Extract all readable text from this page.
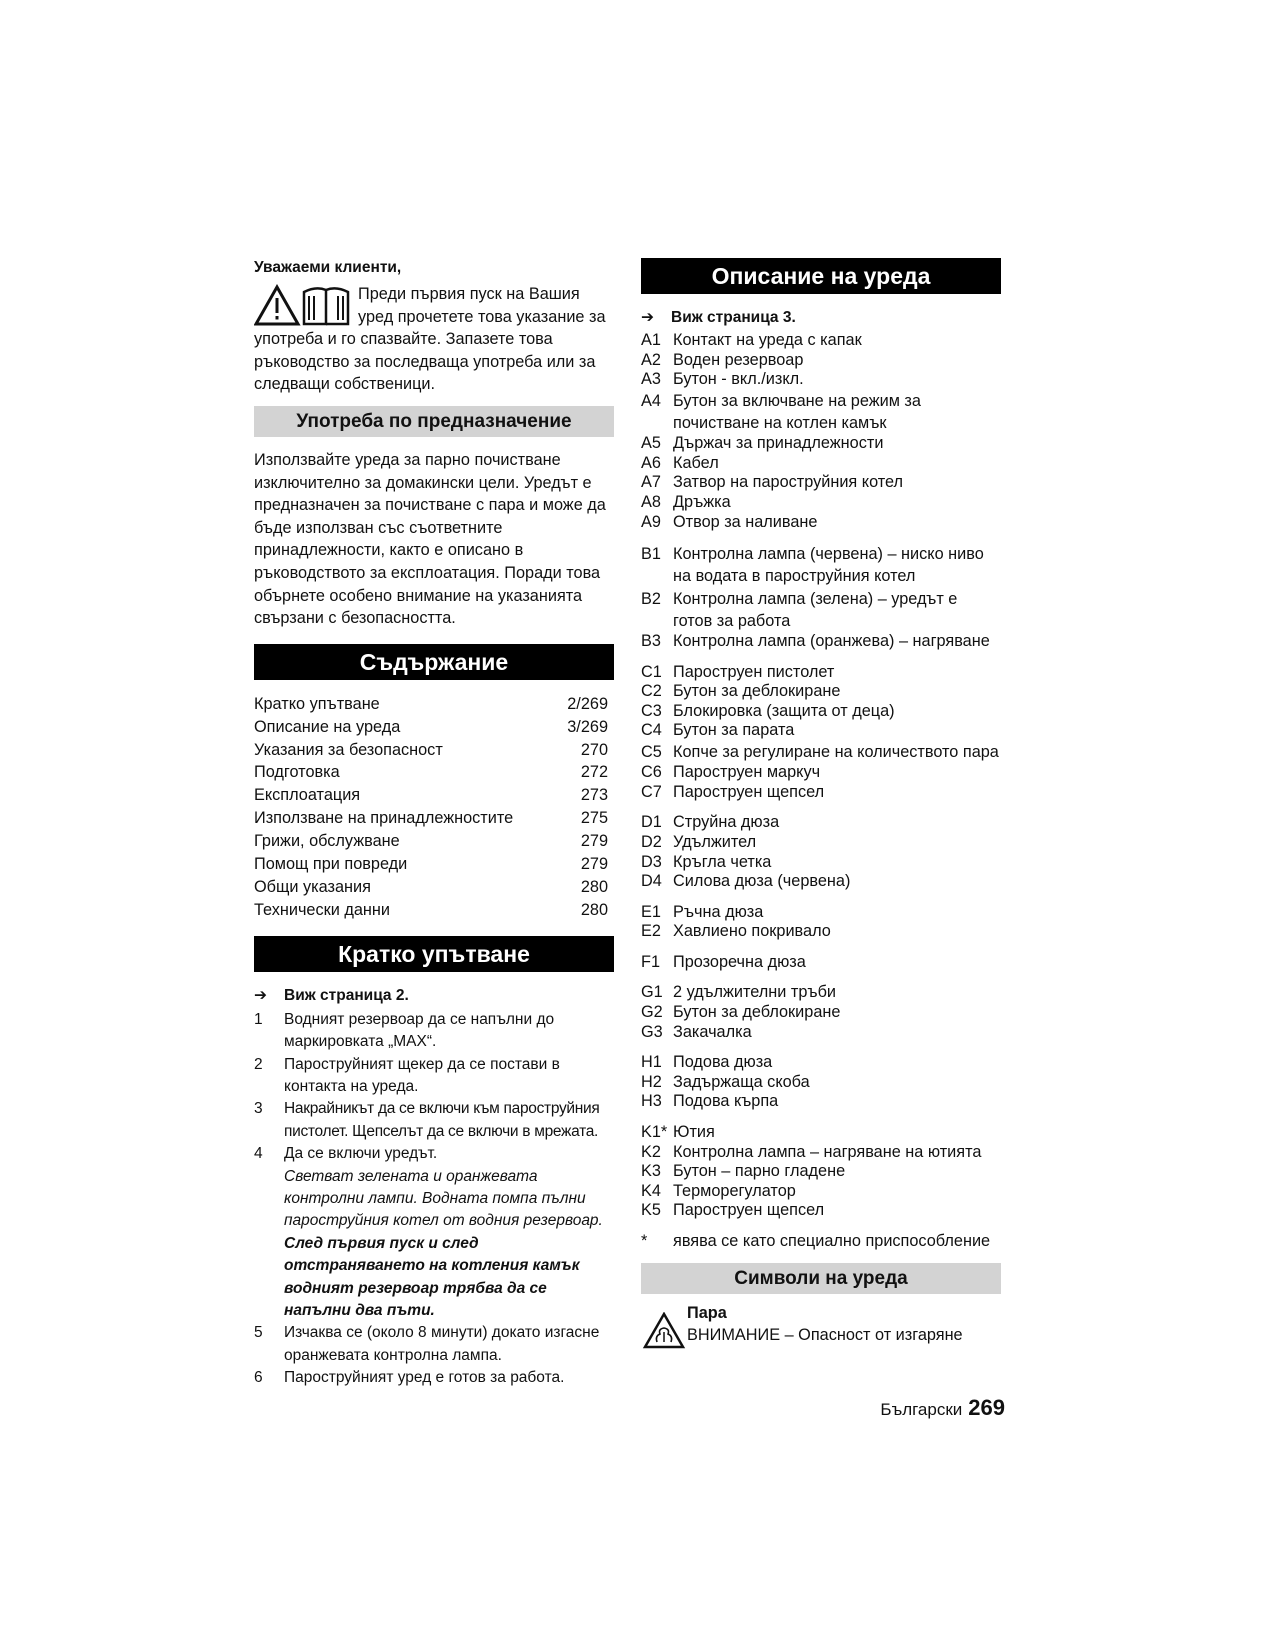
Уважаеми клиенти,

Преди първия пуск на Вашия уред прочетете това указание за употреба и го спазвайте. Запазете това ръководство за последваща употреба или за следващи собственици.

Употреба по предназначение

Използвайте уреда за парно почистване изключително за домакински цели. Уредът е предназначен за почистване с пара и може да бъде използван със съответните принадлежности, както е описано в ръководството за експлоатация. Поради това обърнете особено внимание на указанията свързани с безопасността.

Съдържание
Кратко упътване	2/269
Описание на уреда	3/269
Указания за безопасност	270
Подготовка	272
Експлоатация	273
Използване на принадлежностите	275
Грижи, обслужване	279
Помощ при повреди	279
Общи указания	280
Технически данни	280
Кратко упътване

➔ Виж страница 2.

1	Водният резервоар да се напълни до маркировката „MAX“.
2	Пароструйният щекер да се постави в контакта на уреда.
3	Накрайникът да се включи към пароструйния пистолет. Щепселът да се включи в мрежата.
4	Да се включи уредът.
Светват зелената и оранжевата контролни лампи. Водната помпа пълни пароструйния котел от водния резервоар.
След първия пуск и след отстраняването на котления камък водният резервоар трябва да се напълни два пъти.
5	Изчаква се (около 8 минути) докато изгасне оранжевата контролна лампа.
6	Пароструйният уред е готов за работа.
Описание на уреда

➔ Виж страница 3.

A1 Контакт на уреда с капак
A2 Воден резервоар
A3 Бутон - вкл./изкл.
A4 Бутон за включване на режим за почистване на котлен камък
A5 Държач за принадлежности
A6 Кабел
A7 Затвор на пароструйния котел
A8 Дръжка
A9 Отвор за наливане
B1 Контролна лампа (червена) – ниско ниво на водата в пароструйния котел
B2 Контролна лампа (зелена) – уредът е готов за работа
B3 Контролна лампа (оранжева) – нагряване
C1 Пароструен пистолет
C2 Бутон за деблокиране
C3 Блокировка (защита от деца)
C4 Бутон за парата
C5 Копче за регулиране на количеството пара
C6 Пароструен маркуч
C7 Пароструен щепсел
D1 Струйна дюза
D2 Удължител
D3 Кръгла четка
D4 Силова дюза (червена)
E1 Ръчна дюза
E2 Хавлиено покривало
F1 Прозоречна дюза
G1 2 удължителни тръби
G2 Бутон за деблокиране
G3 Закачалка
H1 Подова дюза
H2 Задържаща скоба
H3 Подова кърпа
K1* Ютия
K2 Контролна лампа – нагряване на ютията
K3 Бутон – парно гладене
K4 Терморегулатор
K5 Пароструен щепсел
*	явява се като специално приспособление
Символи на уреда
Пара
ВНИМАНИЕ – Опасност от изгаряне
Български 269
